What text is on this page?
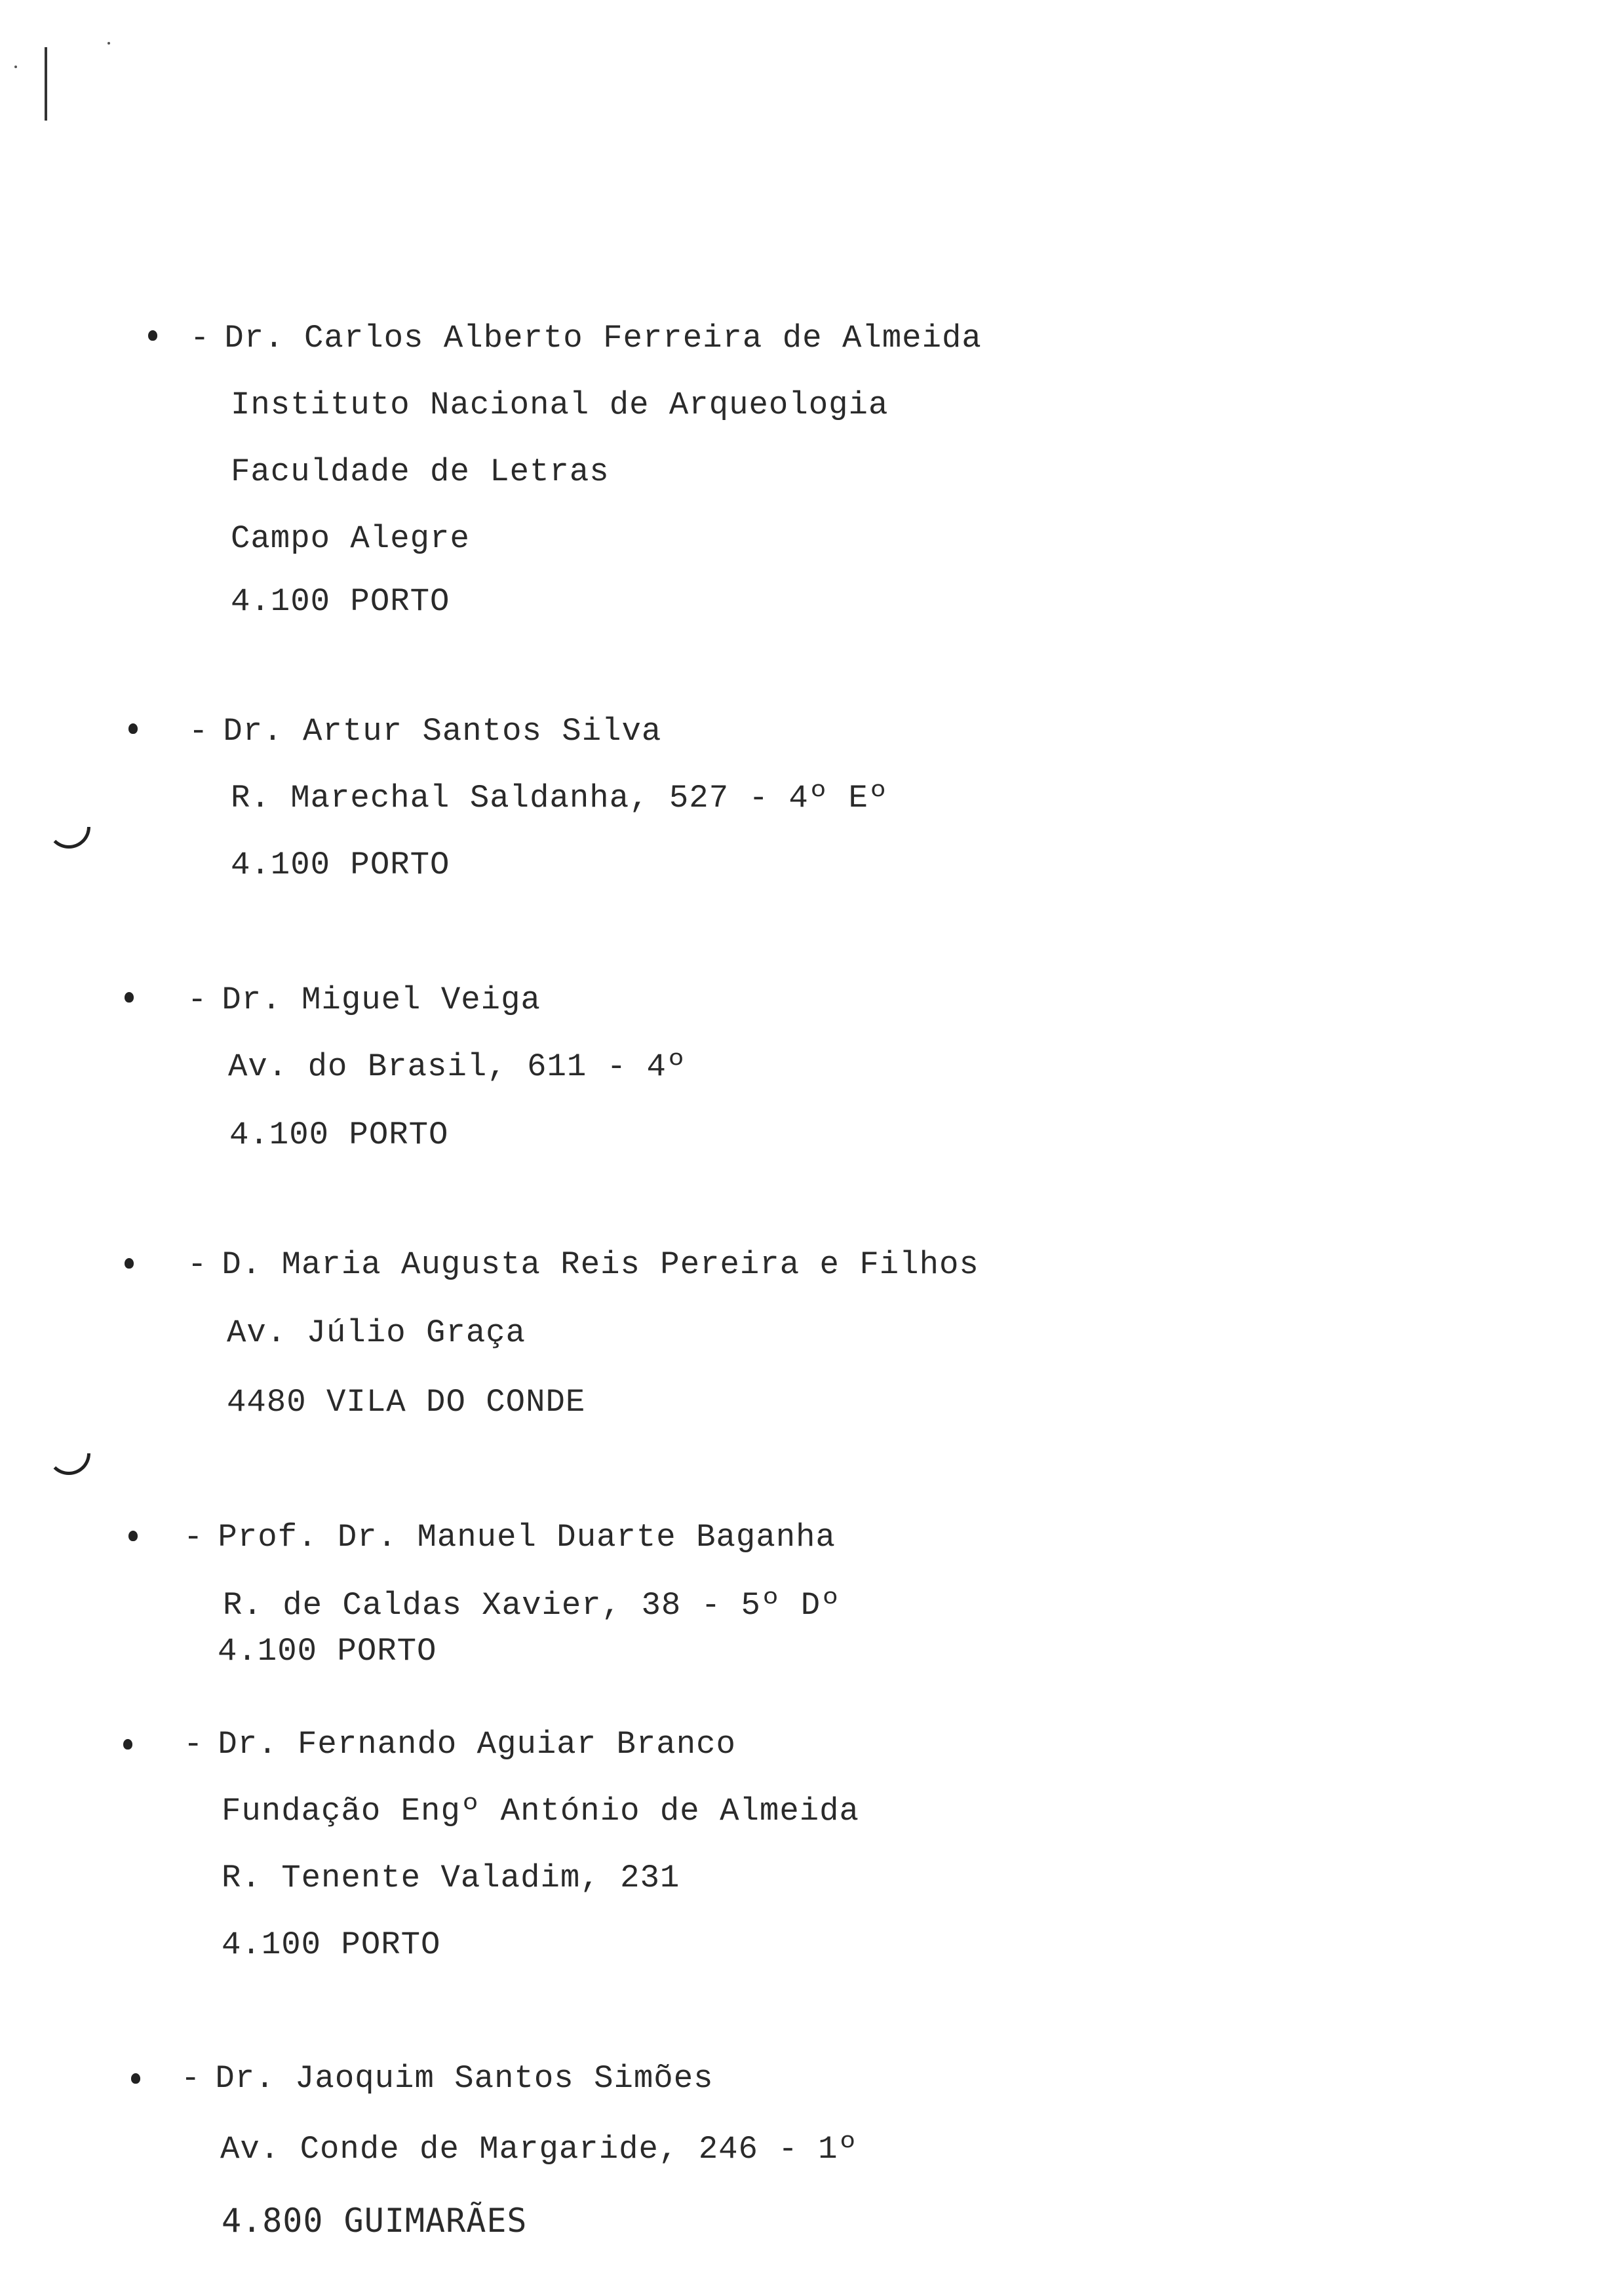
- Dr. Carlos Alberto Ferreira de Almeida
Instituto Nacional de Arqueologia
Faculdade de Letras
Campo Alegre
4.100 PORTO
- Dr. Artur Santos Silva
R. Marechal Saldanha, 527 - 4º Eº
4.100 PORTO
- Dr. Miguel Veiga
Av. do Brasil, 611 - 4º
4.100 PORTO
- D. Maria Augusta Reis Pereira e Filhos
Av. Júlio Graça
4480 VILA DO CONDE
- Prof. Dr. Manuel Duarte Baganha
R. de Caldas Xavier, 38 - 5º Dº
4.100 PORTO
- Dr. Fernando Aguiar Branco
Fundação Engº António de Almeida
R. Tenente Valadim, 231
4.100 PORTO
- Dr. Jaoquim Santos Simões
Av. Conde de Margaride, 246 - 1º
4.800 GUIMARÃES
